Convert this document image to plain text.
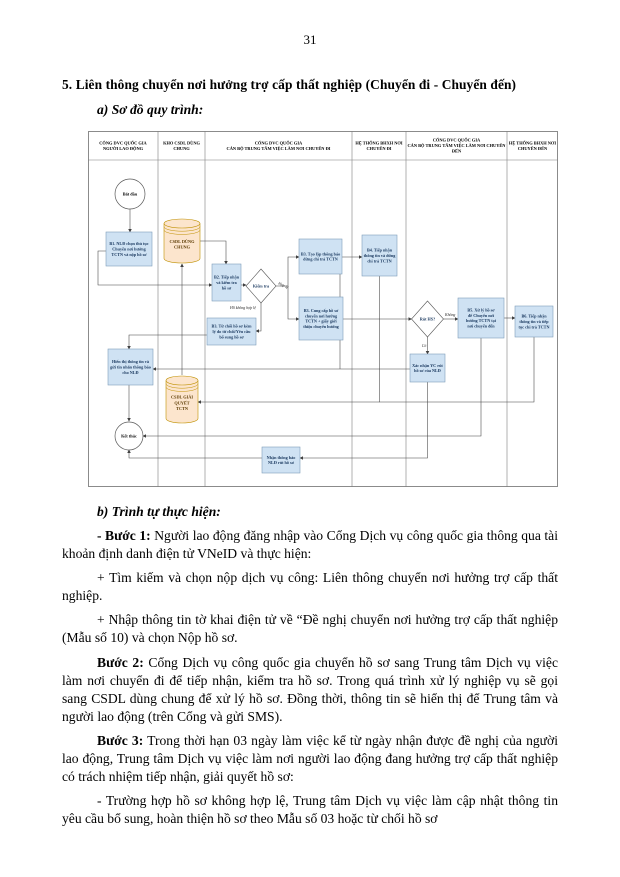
31
5. Liên thông chuyển nơi hưởng trợ cấp thất nghiệp (Chuyển đi - Chuyển đến)
a) Sơ đồ quy trình:
CỔNG DVC QUỐC GIA NGƯỜI LAO ĐỘNG
KHO CSDL DÙNG CHUNG
CỔNG DVC QUỐC GIA CÁN BỘ TRUNG TÂM VIỆC LÀM NƠI CHUYỂN ĐI
HỆ THỐNG BHXH NƠI CHUYỂN ĐI
CỔNG DVC QUỐC GIA CÁN BỘ TRUNG TÂM VIỆC LÀM NƠI CHUYỂN ĐẾN
HỆ THỐNG BHXH NƠI CHUYỂN ĐẾN
Bắt đầu
B1. NLĐ chọn thủ tục Chuyển nơi hưởng TCTN và nộp hồ sơ
CSDL DÙNG CHUNG
B2. Tiếp nhận và kiểm tra hồ sơ	Kiểm tra
B3. Tạo lập thông báo dừng chi trả TCTN
B3. Cung cấp hồ sơ chuyển nơi hưởng TCTN + giấy giới thiệu chuyển hưởng
B3. Từ chối hồ sơ kèm lý do từ chối/Yêu cầu bổ sung hồ sơ
B4. Tiếp nhận thông tin và dừng chi trả TCTN
Rút HS?
B5. Xử lý hồ sơ để Chuyển nơi hưởng TCTN tại nơi chuyển đến
B6. Tiếp nhận thông tin và tiếp tục chi trả TCTN
Xác nhận YC rút hồ sơ của NLĐ
Hiển thị thông tin và gửi tin nhắn thông báo cho NLĐ
CSDL GIẢI QUYẾT TCTN
Kết thúc
Nhận thông báo NLĐ rút hồ sơ
Hợp lệ
HS không hợp lệ
Không
Có
b) Trình tự thực hiện:

- Bước 1: Người lao động đăng nhập vào Cổng Dịch vụ công quốc gia thông qua tài khoản định danh điện tử VNeID và thực hiện:

+ Tìm kiếm và chọn nộp dịch vụ công: Liên thông chuyển nơi hưởng trợ cấp thất nghiệp.

+ Nhập thông tin tờ khai điện tử về “Đề nghị chuyển nơi hưởng trợ cấp thất nghiệp (Mẫu số 10) và chọn Nộp hồ sơ.

Bước 2: Cổng Dịch vụ công quốc gia chuyển hồ sơ sang Trung tâm Dịch vụ việc làm nơi chuyển đi để tiếp nhận, kiểm tra hồ sơ. Trong quá trình xử lý nghiệp vụ sẽ gọi sang CSDL dùng chung để xử lý hồ sơ. Đồng thời, thông tin sẽ hiển thị để Trung tâm và người lao động (trên Cổng và gửi SMS).

Bước 3: Trong thời hạn 03 ngày làm việc kể từ ngày nhận được đề nghị của người lao động, Trung tâm Dịch vụ việc làm nơi người lao động đang hưởng trợ cấp thất nghiệp có trách nhiệm tiếp nhận, giải quyết hồ sơ:

- Trường hợp hồ sơ không hợp lệ, Trung tâm Dịch vụ việc làm cập nhật thông tin yêu cầu bổ sung, hoàn thiện hồ sơ theo Mẫu số 03 hoặc từ chối hồ sơ
